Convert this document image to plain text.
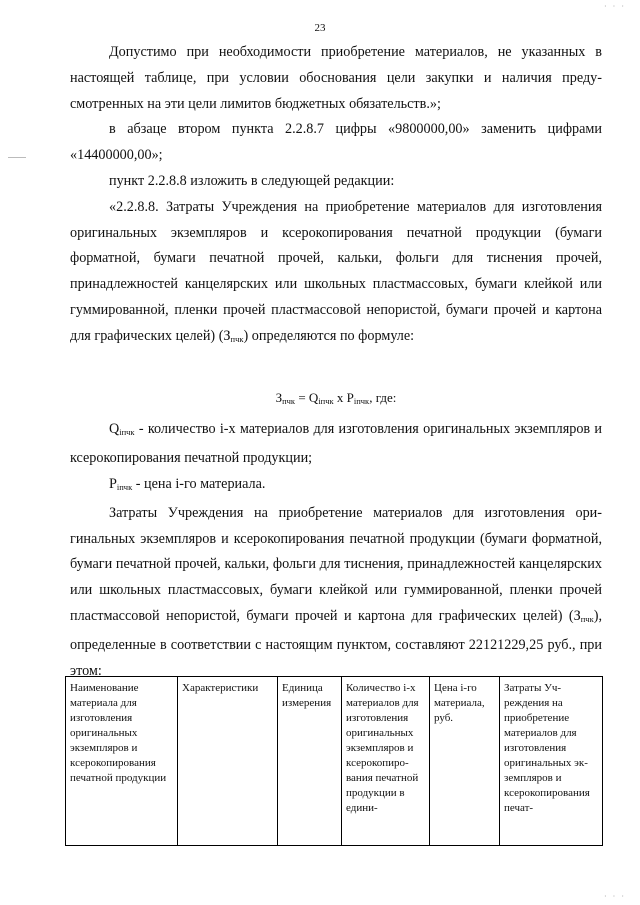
23
· · ·
· · ·

Допустимо при необходимости приобретение материалов, не указанных в настоящей таблице, при условии обоснования цели закупки и наличия предусмотренных на эти цели лимитов бюджетных обязательств.»;

в абзаце втором пункта 2.2.8.7 цифры «9800000,00» заменить цифрами «14400000,00»;

пункт 2.2.8.8 изложить в следующей редакции:

«2.2.8.8. Затраты Учреждения на приобретение материалов для изготовления оригинальных экземпляров и ксерокопирования печатной продукции (бумаги форматной, бумаги печатной прочей, кальки, фольги для тиснения прочей, принадлежностей канцелярских или школьных пластмассовых, бумаги клейкой или гуммированной, пленки прочей пластмассовой непористой, бумаги прочей и картона для графических целей) $(З_{пчк})$ определяются по формуле:

$З_{пчк} = Q_{iпчк}$ х $P_{iпчк}$, где:

$Q_{iпчк}$ - количество i-х материалов для изготовления оригинальных экземпляров и ксерокопирования печатной продукции;

$P_{iпчк}$ - цена i-го материала.

Затраты Учреждения на приобретение материалов для изготовления оригинальных экземпляров и ксерокопирования печатной продукции (бумаги форматной, бумаги печатной прочей, кальки, фольги для тиснения, принадлежностей канцелярских или школьных пластмассовых, бумаги клейкой или гуммированной, пленки прочей пластмассовой непористой, бумаги прочей и картона для графических целей) $(З_{пчк})$, определенные в соответствии с настоящим пунктом, составляют 22121229,25 руб., при этом:

Наименование материала для изготовления оригинальных экземпляров и ксерокопирования печатной продукции	Характеристики	Единица измерения	Количество i-х материалов для изготовления оригинальных экземпляров и ксерокопирования печатной продукции в едини-	Цена i-го материала, руб.	Затраты Учреждения на приобретение материалов для изготовления оригинальных экземпляров и ксерокопирования печат-
